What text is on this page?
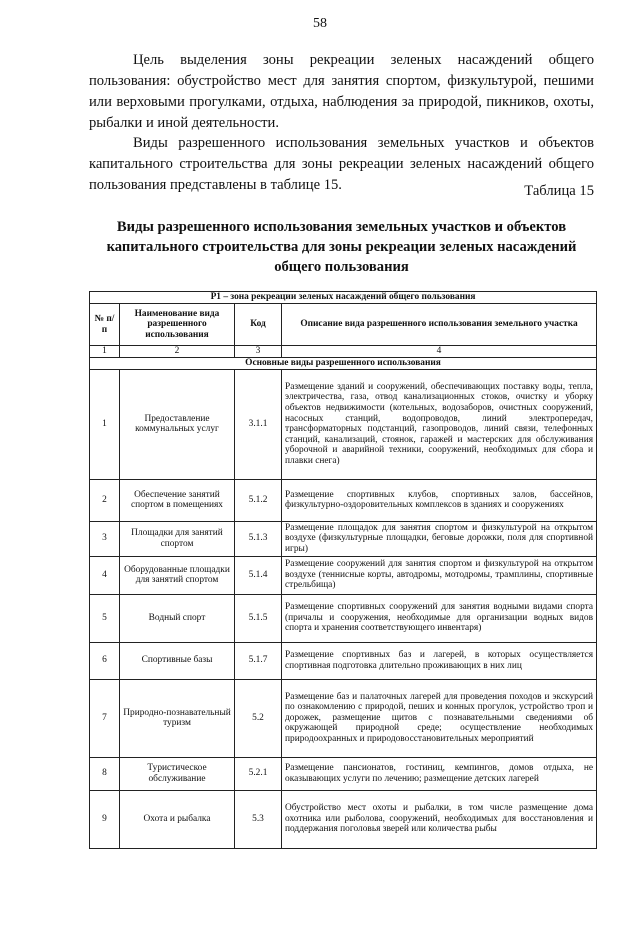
58

Цель выделения зоны рекреации зеленых насаждений общего пользования: обустройство мест для занятия спортом, физкультурой, пешими или верховыми прогулками, отдыха, наблюдения за природой, пикников, охоты, рыбалки и иной деятельности.

Виды разрешенного использования земельных участков и объектов капитального строительства для зоны рекреации зеленых насаждений общего пользования представлены в таблице 15.	Таблица 15
Виды разрешенного использования земельных участков и объектов капитального строительства для зоны рекреации зеленых насаждений общего пользования
Р1 – зона рекреации зеленых насаждений общего пользования			
№ п/п	Наименование вида разрешенного использования	Код	Описание вида разрешенного использования земельного участка
1	2	3	4
Основные виды разрешенного использования			
1	Предоставление коммунальных услуг	3.1.1	Размещение зданий и сооружений, обеспечивающих поставку воды, тепла, электричества, газа, отвод канализационных стоков, очистку и уборку объектов недвижимости (котельных, водозаборов, очистных сооружений, насосных станций, водопроводов, линий электропередач, трансформаторных подстанций, газопроводов, линий связи, телефонных станций, канализаций, стоянок, гаражей и мастерских для обслуживания уборочной и аварийной техники, сооружений, необходимых для сбора и плавки снега)
2	Обеспечение занятий спортом в помещениях	5.1.2	Размещение спортивных клубов, спортивных залов, бассейнов, физкультурно-оздоровительных комплексов в зданиях и сооружениях
3	Площадки для занятий спортом	5.1.3	Размещение площадок для занятия спортом и физкультурой на открытом воздухе (физкультурные площадки, беговые дорожки, поля для спортивной игры)
4	Оборудованные площадки для занятий спортом	5.1.4	Размещение сооружений для занятия спортом и физкультурой на открытом воздухе (теннисные корты, автодромы, мотодромы, трамплины, спортивные стрельбища)
5	Водный спорт	5.1.5	Размещение спортивных сооружений для занятия водными видами спорта (причалы и сооружения, необходимые для организации водных видов спорта и хранения соответствующего инвентаря)
6	Спортивные базы	5.1.7	Размещение спортивных баз и лагерей, в которых осуществляется спортивная подготовка длительно проживающих в них лиц
7	Природно-познавательный туризм	5.2	Размещение баз и палаточных лагерей для проведения походов и экскурсий по ознакомлению с природой, пеших и конных прогулок, устройство троп и дорожек, размещение щитов с познавательными сведениями об окружающей природной среде; осуществление необходимых природоохранных и природовосстановительных мероприятий
8	Туристическое обслуживание	5.2.1	Размещение пансионатов, гостиниц, кемпингов, домов отдыха, не оказывающих услуги по лечению; размещение детских лагерей
9	Охота и рыбалка	5.3	Обустройство мест охоты и рыбалки, в том числе размещение дома охотника или рыболова, сооружений, необходимых для восстановления и поддержания поголовья зверей или количества рыбы
